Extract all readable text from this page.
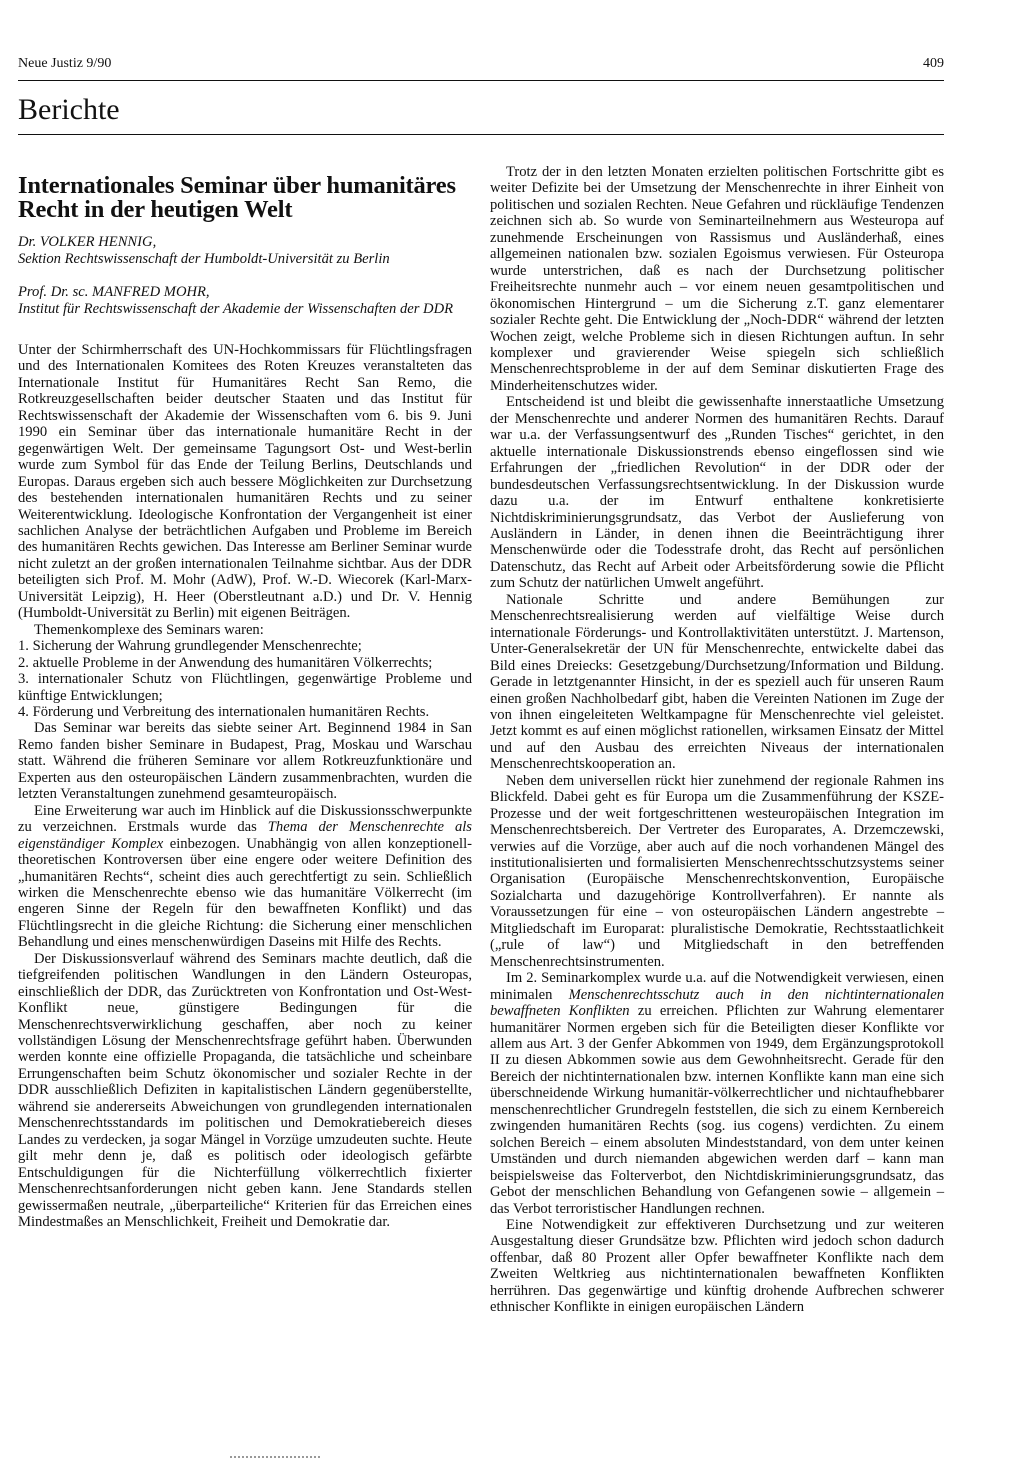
Neue Justiz 9/90	409
Berichte
Internationales Seminar über humanitäres Recht in der heutigen Welt
Dr. VOLKER HENNIG,
Sektion Rechtswissenschaft der Humboldt-Universität zu Berlin
Prof. Dr. sc. MANFRED MOHR,
Institut für Rechtswissenschaft der Akademie der Wissenschaften der DDR

Unter der Schirmherrschaft des UN-Hochkommissars für Flüchtlingsfragen und des Internationalen Komitees des Roten Kreuzes veranstalteten das Internationale Institut für Humanitäres Recht San Remo, die Rotkreuzgesellschaften beider deutscher Staaten und das Institut für Rechtswissenschaft der Akademie der Wissenschaften vom 6. bis 9. Juni 1990 ein Seminar über das internationale humanitäre Recht in der gegenwärtigen Welt. Der gemeinsame Tagungsort Ost- und West-berlin wurde zum Symbol für das Ende der Teilung Berlins, Deutschlands und Europas. Daraus ergeben sich auch bessere Möglichkeiten zur Durchsetzung des bestehenden internationalen humanitären Rechts und zu seiner Weiterentwicklung. Ideologische Konfrontation der Vergangenheit ist einer sachlichen Analyse der beträchtlichen Aufgaben und Probleme im Bereich des humanitären Rechts gewichen. Das Interesse am Berliner Seminar wurde nicht zuletzt an der großen internationalen Teilnahme sichtbar. Aus der DDR beteiligten sich Prof. M. Mohr (AdW), Prof. W.-D. Wiecorek (Karl-Marx-Universität Leipzig), H. Heer (Oberstleutnant a.D.) und Dr. V. Hennig (Humboldt-Universität zu Berlin) mit eigenen Beiträgen.

Themenkomplexe des Seminars waren:

1. Sicherung der Wahrung grundlegender Menschenrechte;

2. aktuelle Probleme in der Anwendung des humanitären Völkerrechts;

3. internationaler Schutz von Flüchtlingen, gegenwärtige Probleme und künftige Entwicklungen;

4. Förderung und Verbreitung des internationalen humanitären Rechts.

Das Seminar war bereits das siebte seiner Art. Beginnend 1984 in San Remo fanden bisher Seminare in Budapest, Prag, Moskau und Warschau statt. Während die früheren Seminare vor allem Rotkreuzfunktionäre und Experten aus den osteuropäischen Ländern zusammenbrachten, wurden die letzten Veranstaltungen zunehmend gesamteuropäisch.

Eine Erweiterung war auch im Hinblick auf die Diskussionsschwerpunkte zu verzeichnen. Erstmals wurde das Thema der Menschenrechte als eigenständiger Komplex einbezogen. Unabhängig von allen konzeptionell-theoretischen Kontroversen über eine engere oder weitere Definition des „humanitären Rechts“, scheint dies auch gerechtfertigt zu sein. Schließlich wirken die Menschenrechte ebenso wie das humanitäre Völkerrecht (im engeren Sinne der Regeln für den bewaffneten Konflikt) und das Flüchtlingsrecht in die gleiche Richtung: die Sicherung einer menschlichen Behandlung und eines menschenwürdigen Daseins mit Hilfe des Rechts.

Der Diskussionsverlauf während des Seminars machte deutlich, daß die tiefgreifenden politischen Wandlungen in den Ländern Osteuropas, einschließlich der DDR, das Zurücktreten von Konfrontation und Ost-West-Konflikt neue, günstigere Bedingungen für die Menschenrechtsverwirklichung geschaffen, aber noch zu keiner vollständigen Lösung der Menschenrechtsfrage geführt haben. Überwunden werden konnte eine offizielle Propaganda, die tatsächliche und scheinbare Errungenschaften beim Schutz ökonomischer und sozialer Rechte in der DDR ausschließlich Defiziten in kapitalistischen Ländern gegenüberstellte, während sie andererseits Abweichungen von grundlegenden internationalen Menschenrechtsstandards im politischen und Demokratiebereich dieses Landes zu verdecken, ja sogar Mängel in Vorzüge umzudeuten suchte. Heute gilt mehr denn je, daß es politisch oder ideologisch gefärbte Entschuldigungen für die Nichterfüllung völkerrechtlich fixierter Menschenrechtsanforderungen nicht geben kann. Jene Standards stellen gewissermaßen neutrale, „überparteiliche“ Kriterien für das Erreichen eines Mindestmaßes an Menschlichkeit, Freiheit und Demokratie dar.

Trotz der in den letzten Monaten erzielten politischen Fortschritte gibt es weiter Defizite bei der Umsetzung der Menschenrechte in ihrer Einheit von politischen und sozialen Rechten. Neue Gefahren und rückläufige Tendenzen zeichnen sich ab. So wurde von Seminarteilnehmern aus Westeuropa auf zunehmende Erscheinungen von Rassismus und Ausländerhaß, eines allgemeinen nationalen bzw. sozialen Egoismus verwiesen. Für Osteuropa wurde unterstrichen, daß es nach der Durchsetzung politischer Freiheitsrechte nunmehr auch – vor einem neuen gesamtpolitischen und ökonomischen Hintergrund – um die Sicherung z.T. ganz elementarer sozialer Rechte geht. Die Entwicklung der „Noch-DDR“ während der letzten Wochen zeigt, welche Probleme sich in diesen Richtungen auftun. In sehr komplexer und gravierender Weise spiegeln sich schließlich Menschenrechtsprobleme in der auf dem Seminar diskutierten Frage des Minderheitenschutzes wider.

Entscheidend ist und bleibt die gewissenhafte innerstaatliche Umsetzung der Menschenrechte und anderer Normen des humanitären Rechts. Darauf war u.a. der Verfassungsentwurf des „Runden Tisches“ gerichtet, in den aktuelle internationale Diskussionstrends ebenso eingeflossen sind wie Erfahrungen der „friedlichen Revolution“ in der DDR oder der bundesdeutschen Verfassungsrechtsentwicklung. In der Diskussion wurde dazu u.a. der im Entwurf enthaltene konkretisierte Nichtdiskriminierungsgrundsatz, das Verbot der Auslieferung von Ausländern in Länder, in denen ihnen die Beeinträchtigung ihrer Menschenwürde oder die Todesstrafe droht, das Recht auf persönlichen Datenschutz, das Recht auf Arbeit oder Arbeitsförderung sowie die Pflicht zum Schutz der natürlichen Umwelt angeführt.

Nationale Schritte und andere Bemühungen zur Menschenrechtsrealisierung werden auf vielfältige Weise durch internationale Förderungs- und Kontrollaktivitäten unterstützt. J. Martenson, Unter-Generalsekretär der UN für Menschenrechte, entwickelte dabei das Bild eines Dreiecks: Gesetzgebung/Durchsetzung/Information und Bildung. Gerade in letztgenannter Hinsicht, in der es speziell auch für unseren Raum einen großen Nachholbedarf gibt, haben die Vereinten Nationen im Zuge der von ihnen eingeleiteten Weltkampagne für Menschenrechte viel geleistet. Jetzt kommt es auf einen möglichst rationellen, wirksamen Einsatz der Mittel und auf den Ausbau des erreichten Niveaus der internationalen Menschenrechtskooperation an.

Neben dem universellen rückt hier zunehmend der regionale Rahmen ins Blickfeld. Dabei geht es für Europa um die Zusammenführung der KSZE-Prozesse und der weit fortgeschrittenen westeuropäischen Integration im Menschenrechtsbereich. Der Vertreter des Europarates, A. Drzemczewski, verwies auf die Vorzüge, aber auch auf die noch vorhandenen Mängel des institutionalisierten und formalisierten Menschenrechtsschutzsystems seiner Organisation (Europäische Menschenrechtskonvention, Europäische Sozialcharta und dazugehörige Kontrollverfahren). Er nannte als Voraussetzungen für eine – von osteuropäischen Ländern angestrebte – Mitgliedschaft im Europarat: pluralistische Demokratie, Rechtsstaatlichkeit („rule of law“) und Mitgliedschaft in den betreffenden Menschenrechtsinstrumenten.

Im 2. Seminarkomplex wurde u.a. auf die Notwendigkeit verwiesen, einen minimalen Menschenrechtsschutz auch in den nichtinternationalen bewaffneten Konflikten zu erreichen. Pflichten zur Wahrung elementarer humanitärer Normen ergeben sich für die Beteiligten dieser Konflikte vor allem aus Art. 3 der Genfer Abkommen von 1949, dem Ergänzungsprotokoll II zu diesen Abkommen sowie aus dem Gewohnheitsrecht. Gerade für den Bereich der nichtinternationalen bzw. internen Konflikte kann man eine sich überschneidende Wirkung humanitär-völkerrechtlicher und nichtaufhebbarer menschenrechtlicher Grundregeln feststellen, die sich zu einem Kernbereich zwingenden humanitären Rechts (sog. ius cogens) verdichten. Zu einem solchen Bereich – einem absoluten Mindeststandard, von dem unter keinen Umständen und durch niemanden abgewichen werden darf – kann man beispielsweise das Folterverbot, den Nichtdiskriminierungsgrundsatz, das Gebot der menschlichen Behandlung von Gefangenen sowie – allgemein – das Verbot terroristischer Handlungen rechnen.

Eine Notwendigkeit zur effektiveren Durchsetzung und zur weiteren Ausgestaltung dieser Grundsätze bzw. Pflichten wird jedoch schon dadurch offenbar, daß 80 Prozent aller Opfer bewaffneter Konflikte nach dem Zweiten Weltkrieg aus nichtinternationalen bewaffneten Konflikten herrühren. Das gegenwärtige und künftig drohende Aufbrechen schwerer ethnischer Konflikte in einigen europäischen Ländern
